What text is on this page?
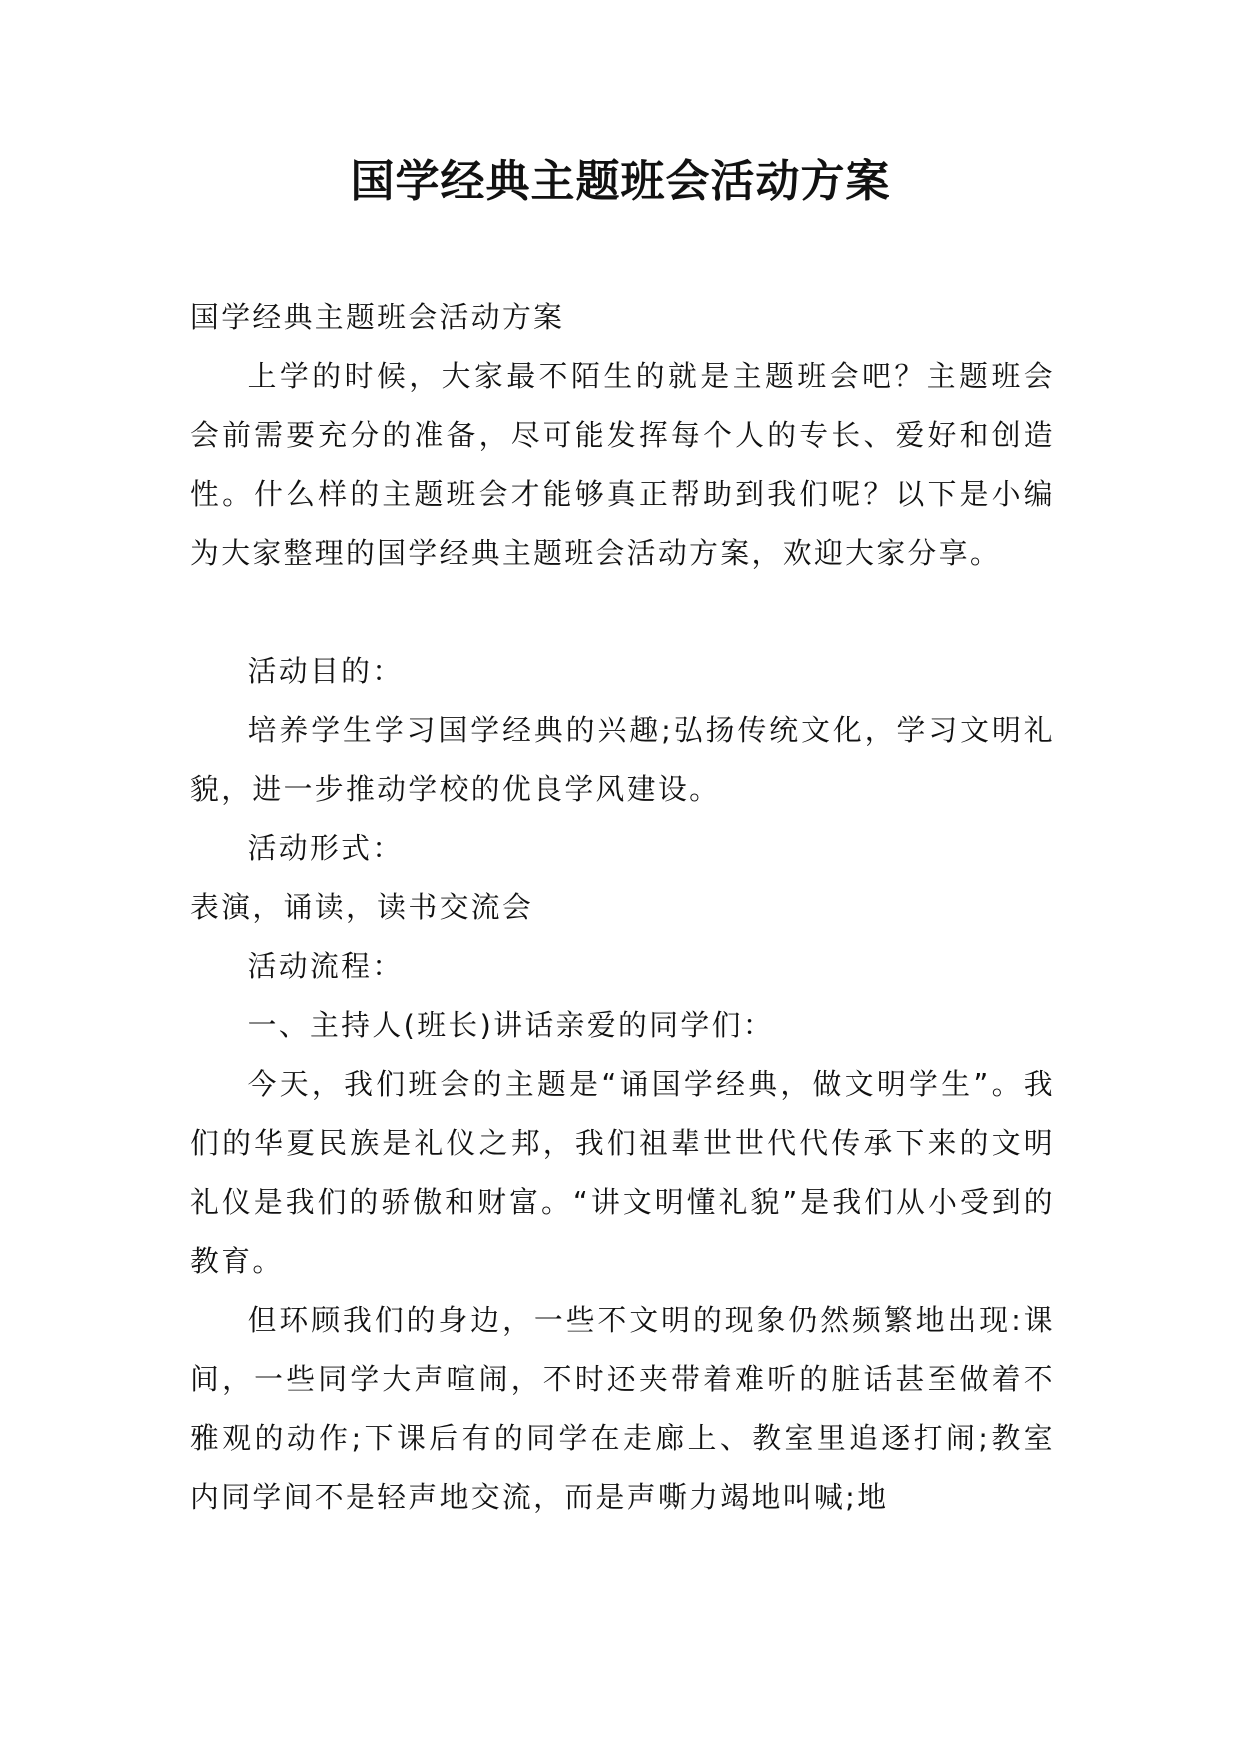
国学经典主题班会活动方案

国学经典主题班会活动方案

上学的时候，大家最不陌生的就是主题班会吧？主题班会会前需要充分的准备，尽可能发挥每个人的专长、爱好和创造性。什么样的主题班会才能够真正帮助到我们呢？以下是小编为大家整理的国学经典主题班会活动方案，欢迎大家分享。

活动目的：

培养学生学习国学经典的兴趣;弘扬传统文化，学习文明礼貌，进一步推动学校的优良学风建设。

活动形式：

表演，诵读，读书交流会

活动流程：

一、主持人(班长)讲话亲爱的同学们：

今天，我们班会的主题是“诵国学经典，做文明学生”。我们的华夏民族是礼仪之邦，我们祖辈世世代代传承下来的文明礼仪是我们的骄傲和财富。“讲文明懂礼貌”是我们从小受到的教育。

但环顾我们的身边，一些不文明的现象仍然频繁地出现:课间，一些同学大声喧闹，不时还夹带着难听的脏话甚至做着不雅观的动作;下课后有的同学在走廊上、教室里追逐打闹;教室内同学间不是轻声地交流，而是声嘶力竭地叫喊;地
